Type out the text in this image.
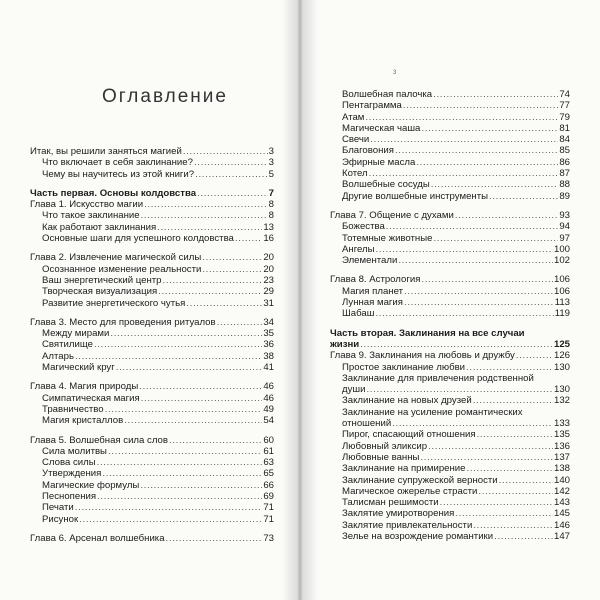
Оглавление
3
Итак, вы решили заняться магией . . .	3
Что включает в себя заклинание? . . .	3
Чему вы научитесь из этой книги? . . .	5
Часть первая. Основы колдовства . . .	7
Глава 1. Искусство магии . . .	8
Что такое заклинание . . .	8
Как работают заклинания . . .	13
Основные шаги для успешного колдовства . . .	16
Глава 2. Извлечение магической силы . . .	20
Осознанное изменение реальности . . .	20
Ваш энергетический центр . . .	23
Творческая визуализация . . .	29
Развитие энергетического чутья . . .	31
Глава 3. Место для проведения ритуалов . . .	34
Между мирами . . .	35
Святилище . . .	36
Алтарь . . .	38
Магический круг . . .	41
Глава 4. Магия природы . . .	46
Симпатическая магия . . .	46
Травничество . . .	49
Магия кристаллов . . .	54
Глава 5. Волшебная сила слов . . .	60
Сила молитвы . . .	61
Слова силы . . .	63
Утверждения . . .	65
Магические формулы . . .	66
Песнопения . . .	69
Печати . . .	71
Рисунок . . .	71
Глава 6. Арсенал волшебника . . .	73
Волшебная палочка . . .	74
Пентаграмма . . .	77
Атам . . .	79
Магическая чаша . . .	81
Свечи . . .	84
Благовония . . .	85
Эфирные масла . . .	86
Котел . . .	87
Волшебные сосуды . . .	88
Другие волшебные инструменты . . .	89
Глава 7. Общение с духами . . .	93
Божества . . .	94
Тотемные животные . . .	97
Ангелы . . .	100
Элементали . . .	102
Глава 8. Астрология . . .	106
Магия планет . . .	106
Лунная магия . . .	113
Шабаш . . .	119
Часть вторая. Заклинания на все случаи
жизни . . .	125
Глава 9. Заклинания на любовь и дружбу . . .	126
Простое заклинание любви . . .	130
Заклинание для привлечения родственной
души . . .	130
Заклинание на новых друзей . . .	132
Заклинание на усиление романтических
отношений . . .	133
Пирог, спасающий отношения . . .	135
Любовный эликсир . . .	136
Любовные ванны . . .	137
Заклинание на примирение . . .	138
Заклинание супружеской верности . . .	140
Магическое ожерелье страсти . . .	142
Талисман решимости . . .	143
Заклятие умиротворения . . .	145
Заклятие привлекательности . . .	146
Зелье на возрождение романтики . . .	147
